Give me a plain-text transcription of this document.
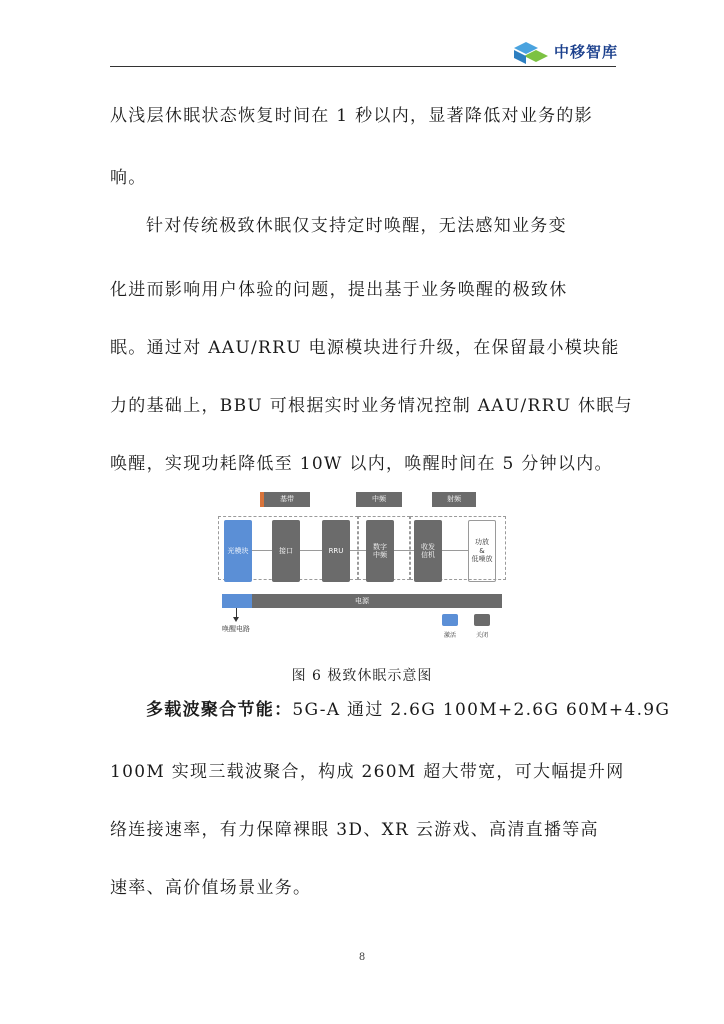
中移智库
从浅层休眠状态恢复时间在 1 秒以内，显著降低对业务的影
响。
针对传统极致休眠仅支持定时唤醒，无法感知业务变
化进而影响用户体验的问题，提出基于业务唤醒的极致休
眠。通过对 AAU/RRU 电源模块进行升级，在保留最小模块能
力的基础上，BBU 可根据实时业务情况控制 AAU/RRU 休眠与
唤醒，实现功耗降低至 10W 以内，唤醒时间在 5 分钟以内。
基带	中频	射频
光模块	接口	RRU
数字
中频
收发
信机
功放
&
低噪放
电源
唤醒电路
激活	关闭
图 6 极致休眠示意图
多载波聚合节能：5G-A 通过 2.6G 100M+2.6G 60M+4.9G
100M 实现三载波聚合，构成 260M 超大带宽，可大幅提升网
络连接速率，有力保障裸眼 3D、XR 云游戏、高清直播等高
速率、高价值场景业务。
8
